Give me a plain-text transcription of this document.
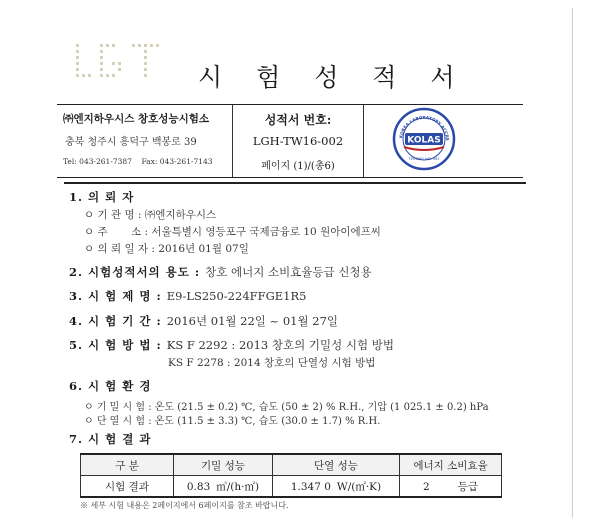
시 험 성 적 서
㈜엔지하우시스 창호성능시험소
충북 청주시 흥덕구 백봉로 39
Tel: 043-261-7387    Fax: 043-261-7143
성적서 번호:
LGH-TW16-002
페이지 (1)/(총6)
KOREA LABORATORY ACCRE
KOLAS
TESTING NO. 392
1. 의 뢰 자
ㅇ 기 관 명 : ㈜엔지하우시스
ㅇ 주       소 : 서울특별시 영등포구 국제금융로 10 원아이에프씨
ㅇ 의 뢰 일 자 : 2016년 01월 07일
2. 시험성적서의 용도 : 창호 에너지 소비효율등급 신청용
3. 시 험 제 명 : E9-LS250-224FFGE1R5
4. 시 험 기 간 : 2016년 01월 22일 ~ 01월 27일
5. 시 험 방 법 : KS F 2292 : 2013 창호의 기밀성 시험 방법
KS F 2278 : 2014 창호의 단열성 시험 방법
6. 시 험 환 경
ㅇ 기 밀 시 험 : 온도 (21.5 ± 0.2) ℃, 습도 (50 ± 2) % R.H., 기압 (1 025.1 ± 0.2) hPa
ㅇ 단 열 시 험 : 온도 (11.5 ± 3.3) ℃, 습도 (30.0 ± 1.7) % R.H.
7. 시 험 결 과
구 분	기밀 성능	단열 성능	에너지 소비효율
시험 결과	0.83 ㎥/(h·㎡)	1.347 0 W/(㎡·K)	2 등급
※ 세부 시험 내용은 2페이지에서 6페이지를 참조 바랍니다.
